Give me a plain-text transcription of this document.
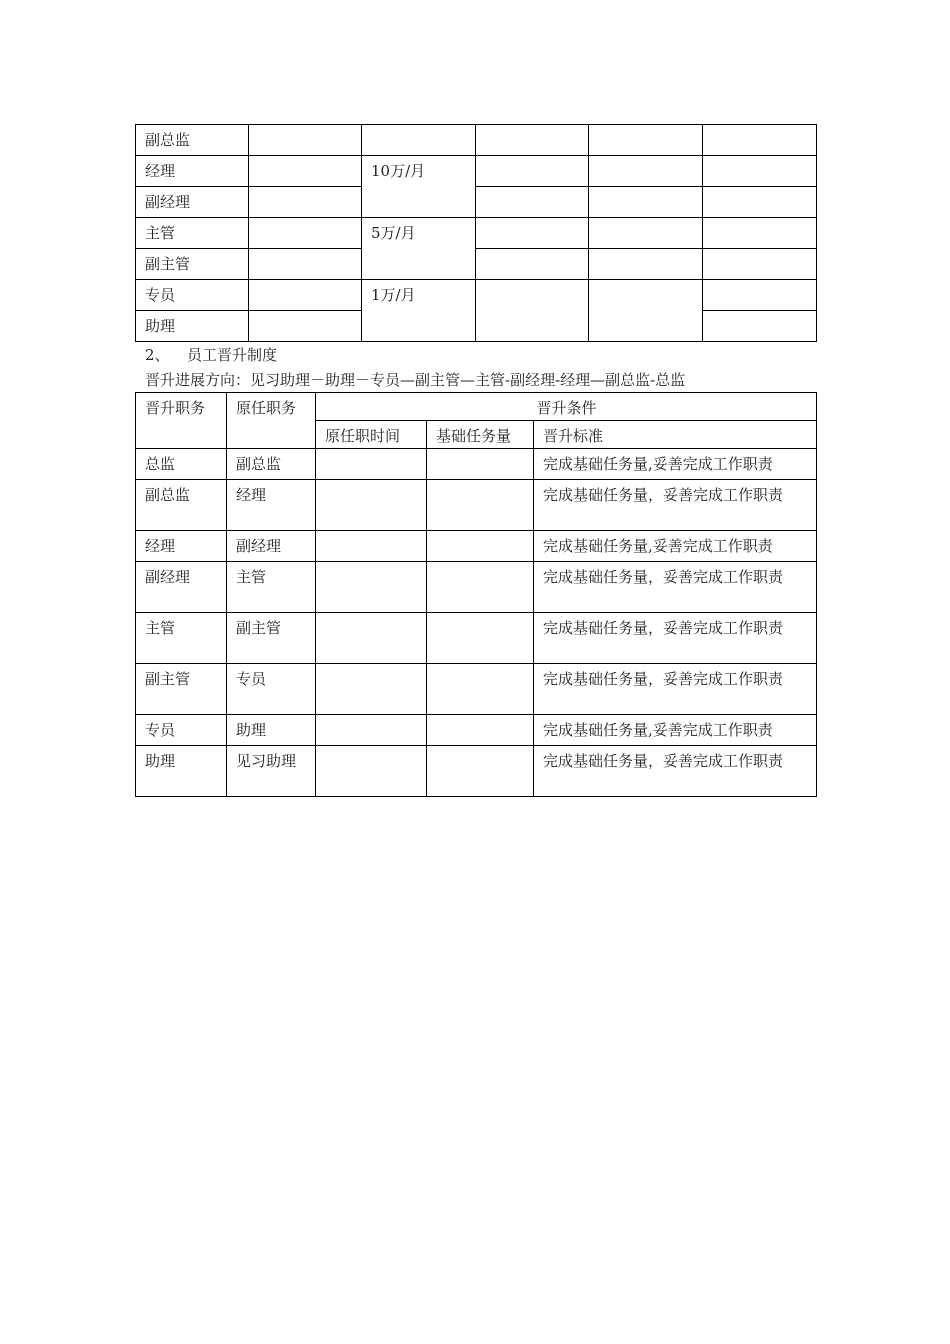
副总监					
经理		10万/月			
副经理					
主管		5万/月			
副主管					
专员		1万/月			
助理					
2、 员工晋升制度
晋升进展方向：见习助理－助理－专员—副主管—主管-副经理-经理—副总监-总监
晋升职务	原任职务	晋升条件		
		原任职时间	基础任务量	晋升标准
总监	副总监			完成基础任务量,妥善完成工作职责
副总监	经理			完成基础任务量，妥善完成工作职责
经理	副经理			完成基础任务量,妥善完成工作职责
副经理	主管			完成基础任务量，妥善完成工作职责
主管	副主管			完成基础任务量，妥善完成工作职责
副主管	专员			完成基础任务量，妥善完成工作职责
专员	助理			完成基础任务量,妥善完成工作职责
助理	见习助理			完成基础任务量，妥善完成工作职责
